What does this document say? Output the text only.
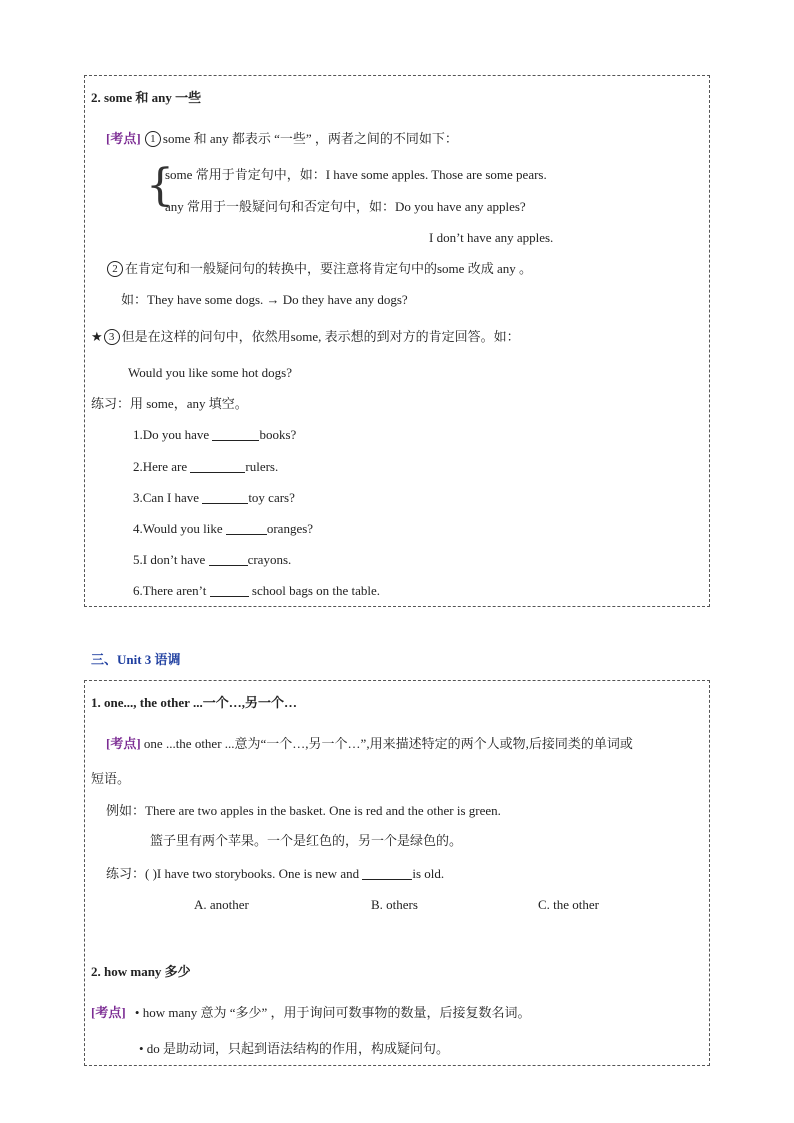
2. some 和 any 一些
[考点] 1 some 和 any 都表示 “一些” ，两者之间的不同如下：
{
some 常用于肯定句中，如：I have some apples. Those are some pears.
any 常用于一般疑问句和否定句中，如：Do you have any apples?
I don’t have any apples.
2 在肯定句和一般疑问句的转换中，要注意将肯定句中的some 改成 any 。
如：They have some dogs. → Do they have any dogs?
★ 3 但是在这样的问句中，依然用some, 表示想的到对方的肯定回答。如：
Would you like some hot dogs?
练习：用 some，any 填空。
1.Do you have	books?
2.Here are	rulers.
3.Can I have	toy cars?
4.Would you like	oranges?
5.I don’t have	crayons.
6.There aren’t	school bags on the table.
三、Unit 3 语调
1. one..., the other ...一个…,另一个…
[考点] one ...the other ...意为“一个…,另一个…”,用来描述特定的两个人或物,后接同类的单词或
短语。
例如：There are two apples in the basket. One is red and the other is green.
篮子里有两个苹果。一个是红色的，另一个是绿色的。
练习：( )I have two storybooks. One is new and	is old.
A. another	B. others	C. the other
2. how many 多少
[考点] • how many 意为 “多少” ，用于询问可数事物的数量，后接复数名词。
• do 是助动词，只起到语法结构的作用，构成疑问句。
